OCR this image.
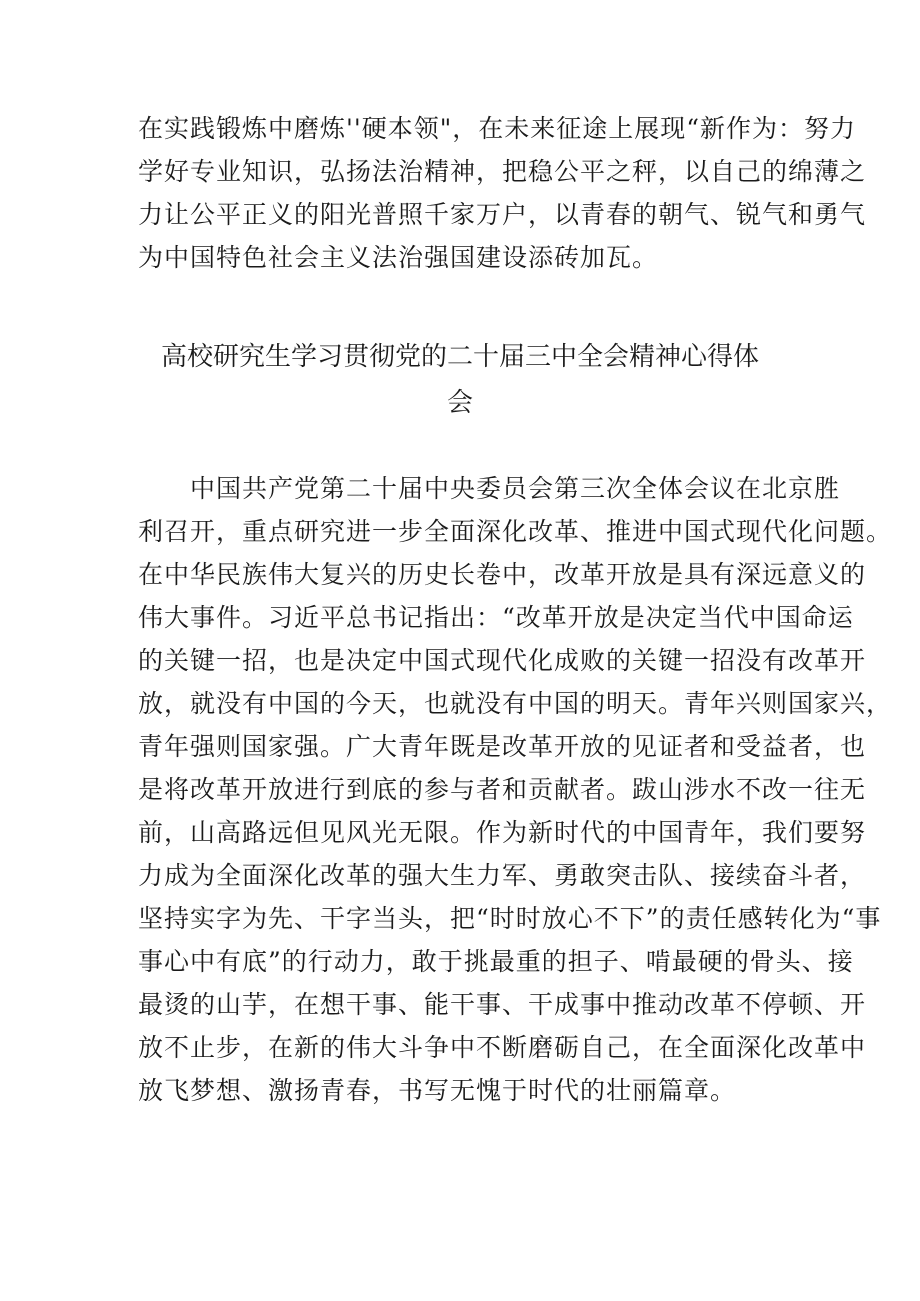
在实践锻炼中磨炼''硬本领"，在未来征途上展现“新作为：努力
学好专业知识，弘扬法治精神，把稳公平之秤，以自己的绵薄之
力让公平正义的阳光普照千家万户，以青春的朝气、锐气和勇气
为中国特色社会主义法治强国建设添砖加瓦。
高校研究生学习贯彻党的二十届三中全会精神心得体
会
中国共产党第二十届中央委员会第三次全体会议在北京胜
利召开，重点研究进一步全面深化改革、推进中国式现代化问题。
在中华民族伟大复兴的历史长卷中，改革开放是具有深远意义的
伟大事件。习近平总书记指出：“改革开放是决定当代中国命运
的关键一招，也是决定中国式现代化成败的关键一招没有改革开
放，就没有中国的今天，也就没有中国的明天。青年兴则国家兴，
青年强则国家强。广大青年既是改革开放的见证者和受益者，也
是将改革开放进行到底的参与者和贡献者。跋山涉水不改一往无
前，山高路远但见风光无限。作为新时代的中国青年，我们要努
力成为全面深化改革的强大生力军、勇敢突击队、接续奋斗者，
坚持实字为先、干字当头，把“时时放心不下”的责任感转化为“事
事心中有底”的行动力，敢于挑最重的担子、啃最硬的骨头、接
最烫的山芋，在想干事、能干事、干成事中推动改革不停顿、开
放不止步，在新的伟大斗争中不断磨砺自己，在全面深化改革中
放飞梦想、激扬青春，书写无愧于时代的壮丽篇章。
